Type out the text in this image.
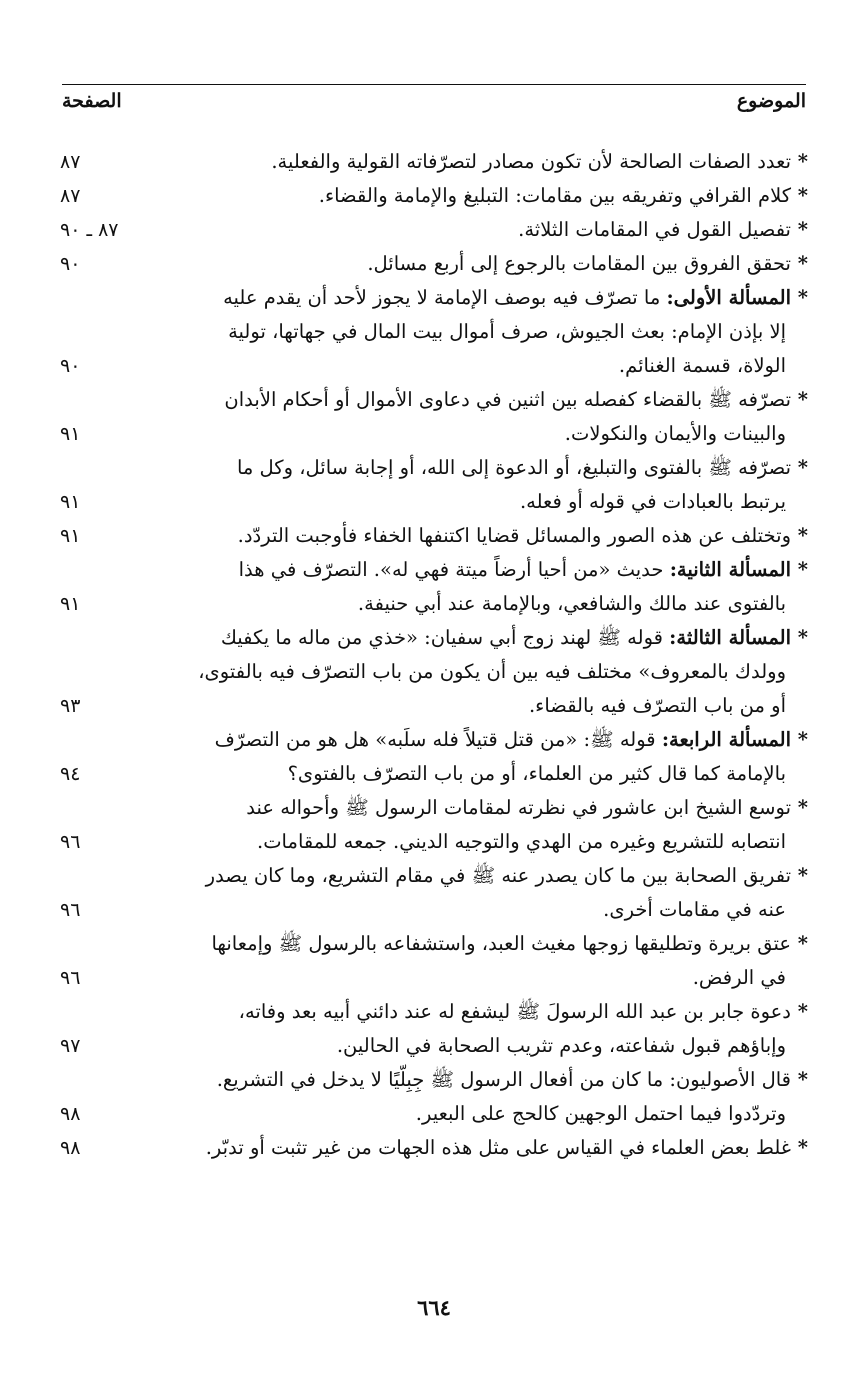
الموضوع
الصفحة
* تعدد الصفات الصالحة لأن تكون مصادر لتصرّفاته القولية والفعلية.
٨٧
* كلام القرافي وتفريقه بين مقامات: التبليغ والإمامة والقضاء.
٨٧
* تفصيل القول في المقامات الثلاثة.
٨٧ ـ ٩٠
* تحقق الفروق بين المقامات بالرجوع إلى أربع مسائل.
٩٠
* المسألة الأولى: ما تصرّف فيه بوصف الإمامة لا يجوز لأحد أن يقدم عليه
إلا بإذن الإمام: بعث الجيوش، صرف أموال بيت المال في جهاتها، تولية
الولاة، قسمة الغنائم.
٩٠
* تصرّفه ﷺ بالقضاء كفصله بين اثنين في دعاوى الأموال أو أحكام الأبدان
والبينات والأيمان والنكولات.
٩١
* تصرّفه ﷺ بالفتوى والتبليغ، أو الدعوة إلى الله، أو إجابة سائل، وكل ما
يرتبط بالعبادات في قوله أو فعله.
٩١
* وتختلف عن هذه الصور والمسائل قضايا اكتنفها الخفاء فأوجبت التردّد.
٩١
* المسألة الثانية: حديث «من أحيا أرضاً ميتة فهي له». التصرّف في هذا
بالفتوى عند مالك والشافعي، وبالإمامة عند أبي حنيفة.
٩١
* المسألة الثالثة: قوله ﷺ لهند زوج أبي سفيان: «خذي من ماله ما يكفيك
وولدك بالمعروف» مختلف فيه بين أن يكون من باب التصرّف فيه بالفتوى،
أو من باب التصرّف فيه بالقضاء.
٩٣
* المسألة الرابعة: قوله ﷺ: «من قتل قتيلاً فله سلَبه» هل هو من التصرّف
بالإمامة كما قال كثير من العلماء، أو من باب التصرّف بالفتوى؟
٩٤
* توسع الشيخ ابن عاشور في نظرته لمقامات الرسول ﷺ وأحواله عند
انتصابه للتشريع وغيره من الهدي والتوجيه الديني. جمعه للمقامات.
٩٦
* تفريق الصحابة بين ما كان يصدر عنه ﷺ في مقام التشريع، وما كان يصدر
عنه في مقامات أخرى.
٩٦
* عتق بريرة وتطليقها زوجها مغيث العبد، واستشفاعه بالرسول ﷺ وإمعانها
في الرفض.
٩٦
* دعوة جابر بن عبد الله الرسولَ ﷺ ليشفع له عند دائني أبيه بعد وفاته،
وإباؤهم قبول شفاعته، وعدم تثريب الصحابة في الحالين.
٩٧
* قال الأصوليون: ما كان من أفعال الرسول ﷺ جِبِلّيًا لا يدخل في التشريع.
وتردّدوا فيما احتمل الوجهين كالحج على البعير.
٩٨
* غلط بعض العلماء في القياس على مثل هذه الجهات من غير تثبت أو تدبّر.
٩٨
٦٦٤
